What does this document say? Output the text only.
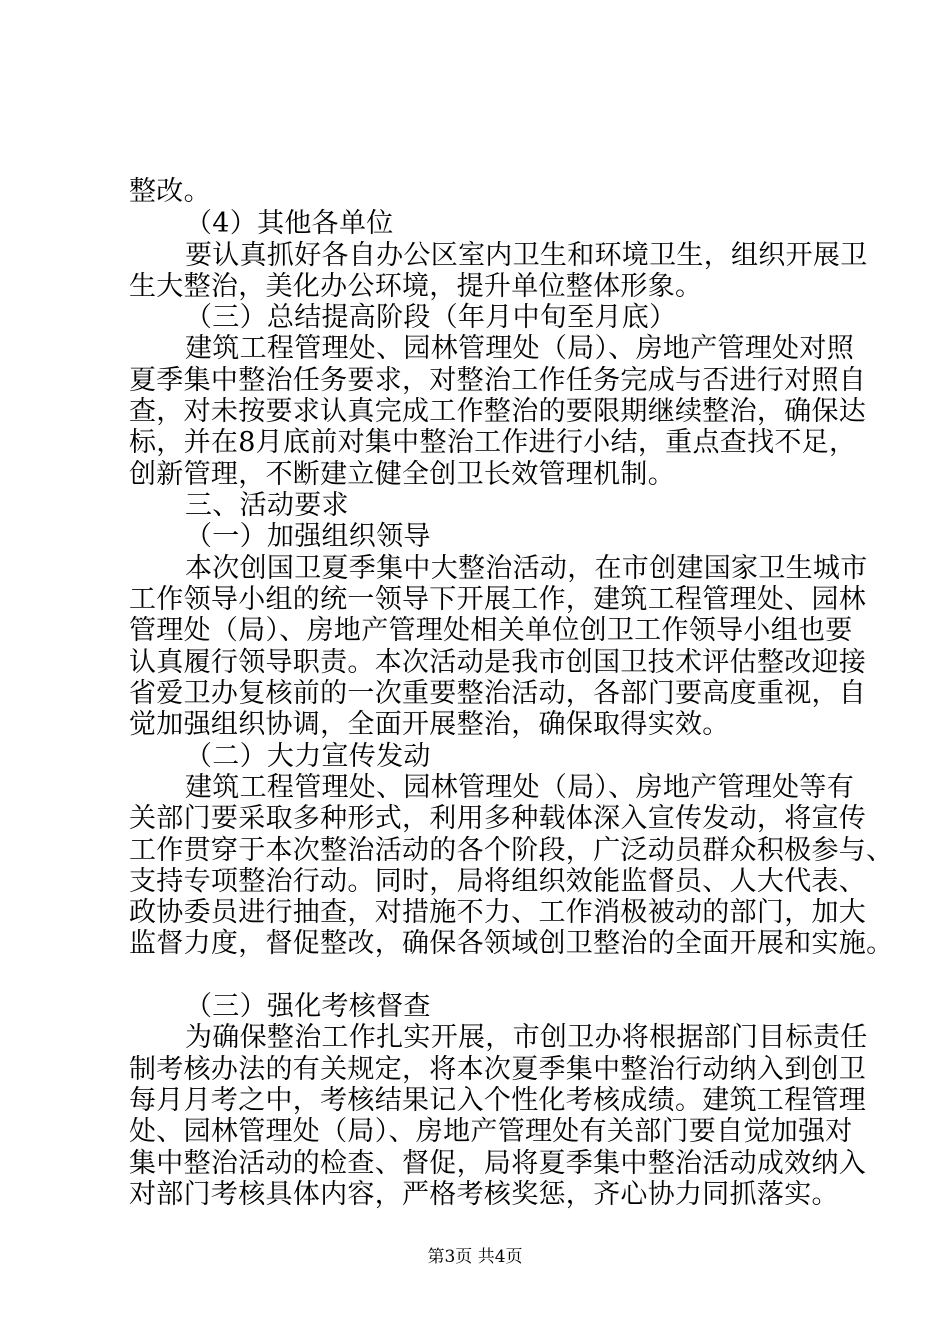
整改。
（4）其他各单位
要认真抓好各自办公区室内卫生和环境卫生，组织开展卫
生大整治，美化办公环境，提升单位整体形象。
（三）总结提高阶段（年月中旬至月底）
建筑工程管理处、园林管理处（局）、房地产管理处对照
夏季集中整治任务要求，对整治工作任务完成与否进行对照自
查，对未按要求认真完成工作整治的要限期继续整治，确保达
标，并在8月底前对集中整治工作进行小结，重点查找不足，
创新管理，不断建立健全创卫长效管理机制。
三、活动要求
（一）加强组织领导
本次创国卫夏季集中大整治活动，在市创建国家卫生城市
工作领导小组的统一领导下开展工作，建筑工程管理处、园林
管理处（局）、房地产管理处相关单位创卫工作领导小组也要
认真履行领导职责。本次活动是我市创国卫技术评估整改迎接
省爱卫办复核前的一次重要整治活动，各部门要高度重视，自
觉加强组织协调，全面开展整治，确保取得实效。
（二）大力宣传发动
建筑工程管理处、园林管理处（局）、房地产管理处等有
关部门要采取多种形式，利用多种载体深入宣传发动，将宣传
工作贯穿于本次整治活动的各个阶段，广泛动员群众积极参与、
支持专项整治行动。同时，局将组织效能监督员、人大代表、
政协委员进行抽查，对措施不力、工作消极被动的部门，加大
监督力度，督促整改，确保各领域创卫整治的全面开展和实施。
（三）强化考核督查
为确保整治工作扎实开展，市创卫办将根据部门目标责任
制考核办法的有关规定，将本次夏季集中整治行动纳入到创卫
每月月考之中，考核结果记入个性化考核成绩。建筑工程管理
处、园林管理处（局）、房地产管理处有关部门要自觉加强对
集中整治活动的检查、督促，局将夏季集中整治活动成效纳入
对部门考核具体内容，严格考核奖惩，齐心协力同抓落实。
第3页 共4页
